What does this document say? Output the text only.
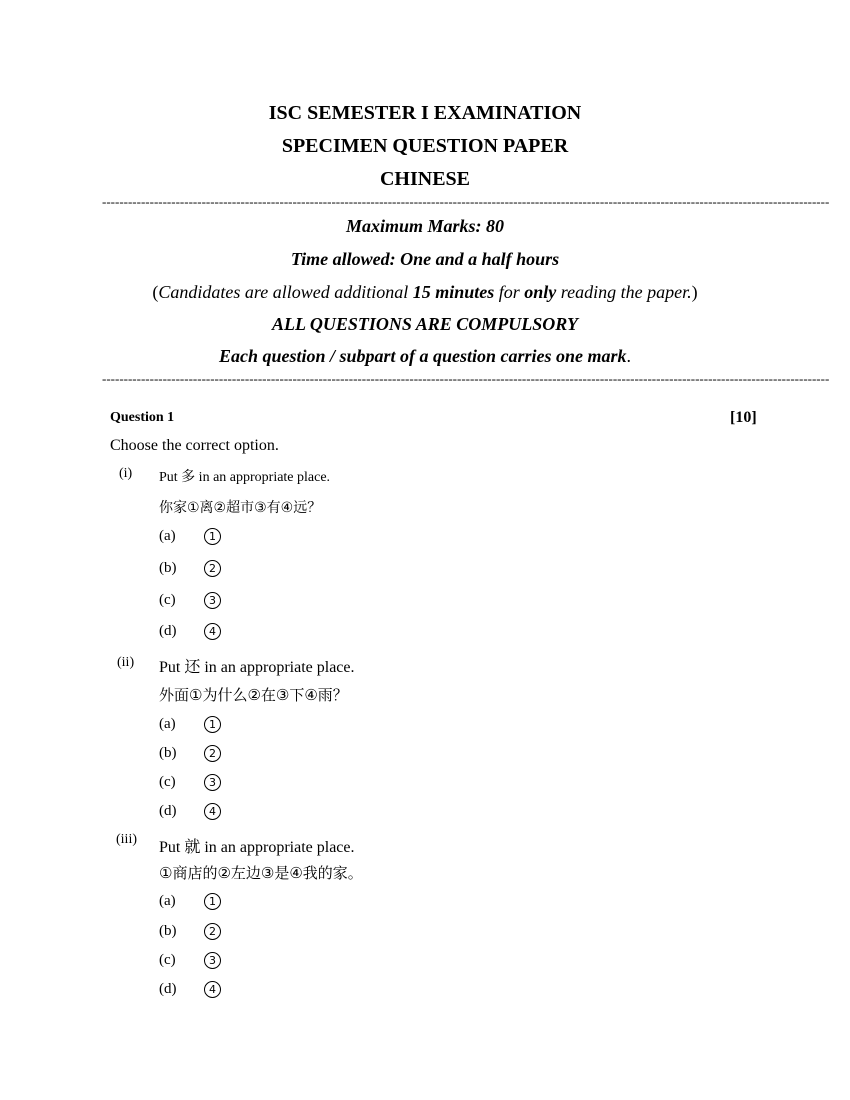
ISC SEMESTER I EXAMINATION
SPECIMEN QUESTION PAPER
CHINESE
------------------------------------------------------------------------------------------------------------------------------------------------------------------------
Maximum Marks: 80
Time allowed: One and a half hours
(Candidates are allowed additional 15 minutes for only reading the paper.)
ALL QUESTIONS ARE COMPULSORY
Each question / subpart of a question carries one mark.
------------------------------------------------------------------------------------------------------------------------------------------------------------------------
Question 1	[10]
Choose the correct option.
(i) Put 多 in an appropriate place.
你家①离②超市③有④远？
(a)	1
(b)	2
(c)	3
(d)	4
(ii) Put 还 in an appropriate place.
外面①为什么②在③下④雨？
(a)	1
(b)	2
(c)	3
(d)	4
(iii) Put 就 in an appropriate place.
①商店的②左边③是④我的家。
(a)	1
(b)	2
(c)	3
(d)	4
